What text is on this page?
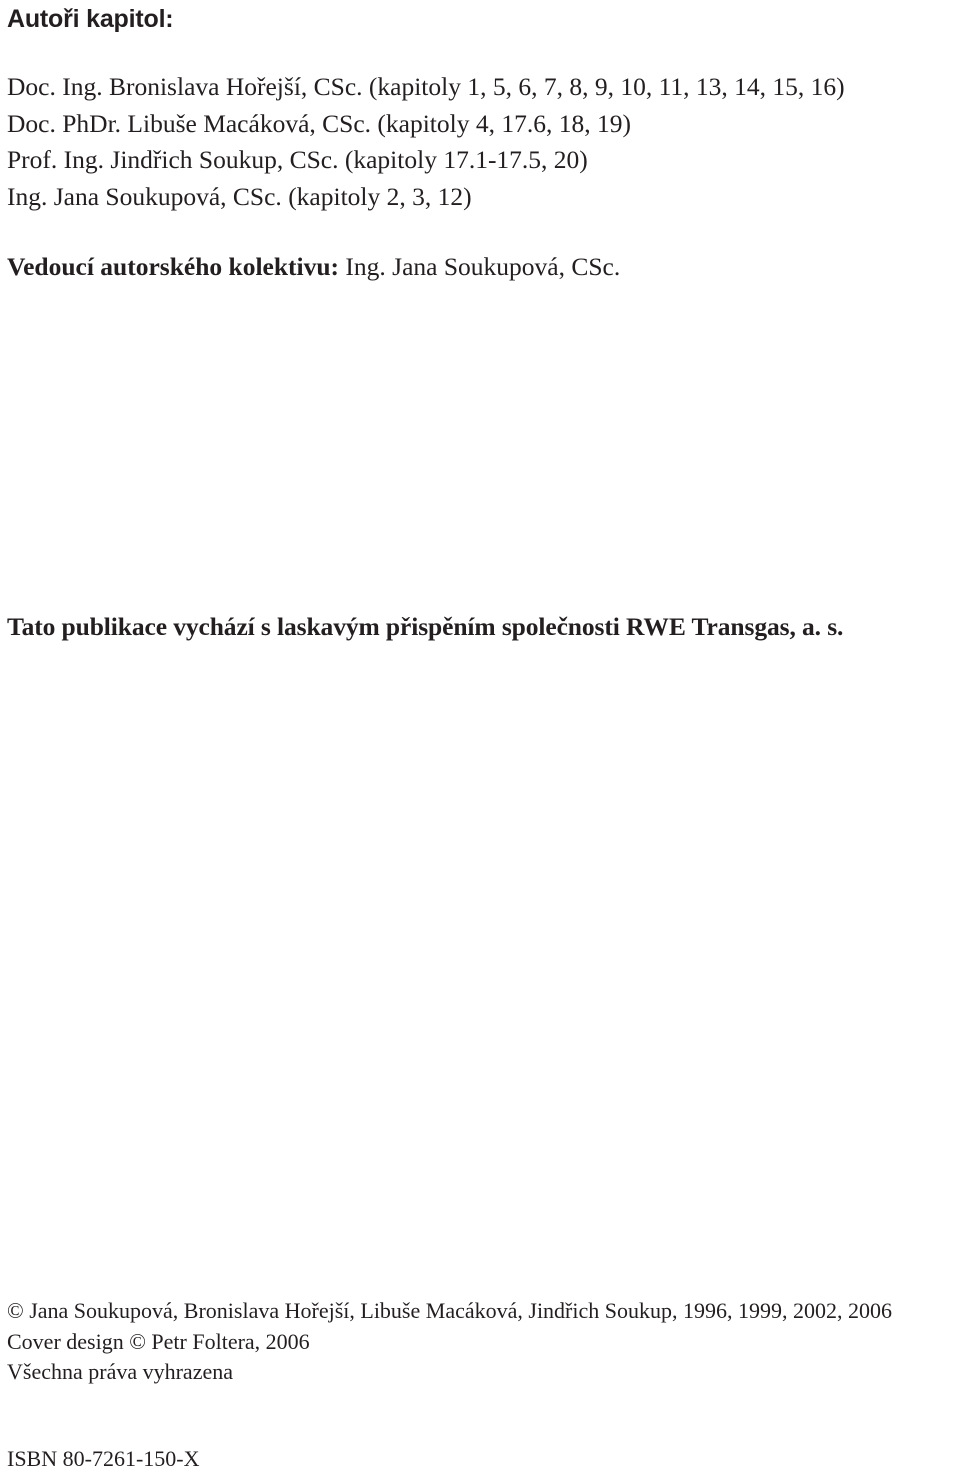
Autoři kapitol:
Doc. Ing. Bronislava Hořejší, CSc. (kapitoly 1, 5, 6, 7, 8, 9, 10, 11, 13, 14, 15, 16)
Doc. PhDr. Libuše Macáková, CSc. (kapitoly 4, 17.6, 18, 19)
Prof. Ing. Jindřich Soukup, CSc. (kapitoly 17.1-17.5, 20)
Ing. Jana Soukupová, CSc. (kapitoly 2, 3, 12)

Vedoucí autorského kolektivu: Ing. Jana Soukupová, CSc.

Tato publikace vychází s laskavým přispěním společnosti RWE Transgas, a. s.

© Jana Soukupová, Bronislava Hořejší, Libuše Macáková, Jindřich Soukup, 1996, 1999, 2002, 2006
Cover design © Petr Foltera, 2006
Všechna práva vyhrazena

ISBN 80-7261-150-X
